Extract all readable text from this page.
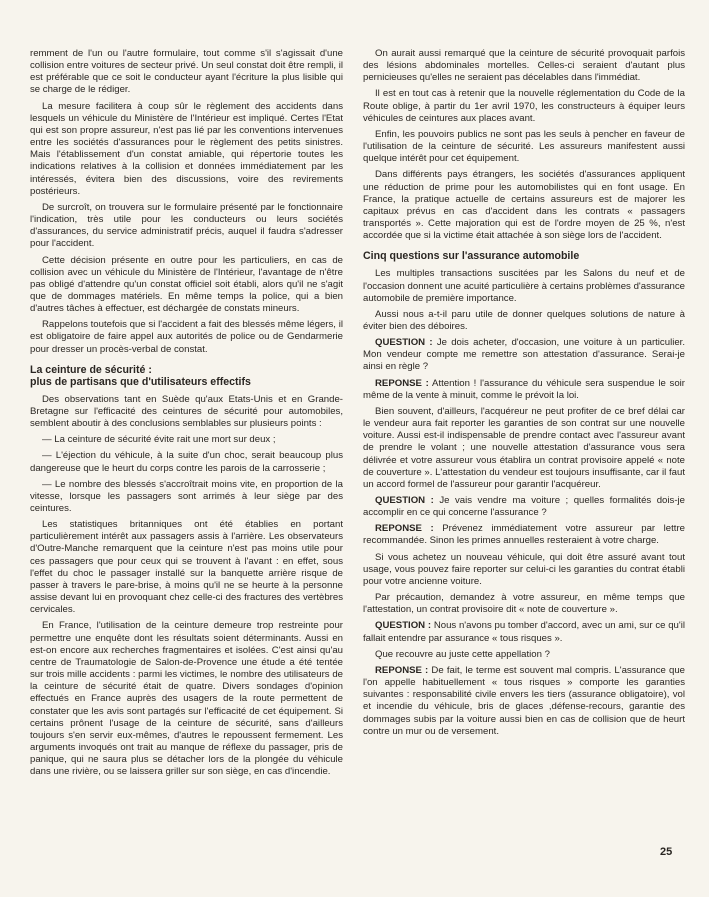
remment de l'un ou l'autre formulaire, tout comme s'il s'agissait d'une collision entre voitures de secteur privé. Un seul constat doit être rempli, il est préférable que ce soit le conducteur ayant l'écriture la plus lisible qui se charge de le rédiger.

La mesure facilitera à coup sûr le règlement des accidents dans lesquels un véhicule du Ministère de l'Intérieur est impliqué. Certes l'Etat qui est son propre assureur, n'est pas lié par les conventions intervenues entre les sociétés d'assurances pour le règlement des petits sinistres. Mais l'établissement d'un constat amiable, qui répertorie toutes les indications relatives à la collision et données immédiatement par les intéressés, évitera bien des discussions, voire des revirements postérieurs.

De surcroît, on trouvera sur le formulaire présenté par le fonctionnaire l'indication, très utile pour les conducteurs ou leurs sociétés d'assurances, du service administratif précis, auquel il faudra s'adresser pour l'accident.

Cette décision présente en outre pour les particuliers, en cas de collision avec un véhicule du Ministère de l'Intérieur, l'avantage de n'être pas obligé d'attendre qu'un constat officiel soit établi, alors qu'il ne s'agit que de dommages matériels. En même temps la police, qui a bien d'autres tâches à effectuer, est déchargée de constats mineurs.

Rappelons toutefois que si l'accident a fait des blessés même légers, il est obligatoire de faire appel aux autorités de police ou de Gendarmerie pour dresser un procès-verbal de constat.

La ceinture de sécurité :
plus de partisans que d'utilisateurs effectifs

Des observations tant en Suède qu'aux Etats-Unis et en Grande-Bretagne sur l'efficacité des ceintures de sécurité pour automobiles, semblent aboutir à des conclusions semblables sur plusieurs points :

— La ceinture de sécurité évite rait une mort sur deux ;

— L'éjection du véhicule, à la suite d'un choc, serait beaucoup plus dangereuse que le heurt du corps contre les parois de la carrosserie ;

— Le nombre des blessés s'accroîtrait moins vite, en proportion de la vitesse, lorsque les passagers sont arrimés à leur siège par des ceintures.

Les statistiques britanniques ont été établies en portant particulièrement intérêt aux passagers assis à l'arrière. Les observateurs d'Outre-Manche remarquent que la ceinture n'est pas moins utile pour ces passagers que pour ceux qui se trouvent à l'avant : en effet, sous l'effet du choc le passager installé sur la banquette arrière risque de passer à travers le pare-brise, à moins qu'il ne se heurte à la personne assise devant lui en provoquant chez celle-ci des fractures des vertèbres cervicales.

En France, l'utilisation de la ceinture demeure trop restreinte pour permettre une enquête dont les résultats soient déterminants. Aussi en est-on encore aux recherches fragmentaires et isolées. C'est ainsi qu'au centre de Traumatologie de Salon-de-Provence une étude a été tentée sur trois mille accidents : parmi les victimes, le nombre des utilisateurs de la ceinture de sécurité était de quatre. Divers sondages d'opinion effectués en France auprès des usagers de la route permettent de constater que les avis sont partagés sur l'efficacité de cet équipement. Si certains prônent l'usage de la ceinture de sécurité, sans d'ailleurs toujours s'en servir eux-mêmes, d'autres le repoussent fermement. Les arguments invoqués ont trait au manque de réflexe du passager, pris de panique, qui ne saura plus se détacher lors de la plongée du véhicule dans une rivière, ou se laissera griller sur son siège, en cas d'incendie.

On aurait aussi remarqué que la ceinture de sécurité provoquait parfois des lésions abdominales mortelles. Celles-ci seraient d'autant plus pernicieuses qu'elles ne seraient pas décelables dans l'immédiat.

Il est en tout cas à retenir que la nouvelle réglementation du Code de la Route oblige, à partir du 1er avril 1970, les constructeurs à équiper leurs véhicules de ceintures aux places avant.

Enfin, les pouvoirs publics ne sont pas les seuls à pencher en faveur de l'utilisation de la ceinture de sécurité. Les assureurs manifestent aussi quelque intérêt pour cet équipement.

Dans différents pays étrangers, les sociétés d'assurances appliquent une réduction de prime pour les automobilistes qui en font usage. En France, la pratique actuelle de certains assureurs est de majorer les capitaux prévus en cas d'accident dans les contrats « passagers transportés ». Cette majoration qui est de l'ordre moyen de 25 %, n'est accordée que si la victime était attachée à son siège lors de l'accident.

Cinq questions sur l'assurance automobile

Les multiples transactions suscitées par les Salons du neuf et de l'occasion donnent une acuité particulière à certains problèmes d'assurance automobile de première importance.

Aussi nous a-t-il paru utile de donner quelques solutions de nature à éviter bien des déboires.

QUESTION : Je dois acheter, d'occasion, une voiture à un particulier. Mon vendeur compte me remettre son attestation d'assurance. Serai-je ainsi en règle ?

REPONSE : Attention ! l'assurance du véhicule sera suspendue le soir même de la vente à minuit, comme le prévoit la loi.

Bien souvent, d'ailleurs, l'acquéreur ne peut profiter de ce bref délai car le vendeur aura fait reporter les garanties de son contrat sur une nouvelle voiture. Aussi est-il indispensable de prendre contact avec l'assureur avant de prendre le volant ; une nouvelle attestation d'assurance vous sera délivrée et votre assureur vous établira un contrat provisoire appelé « note de couverture ». L'attestation du vendeur est toujours insuffisante, car il faut un accord formel de l'assureur pour garantir l'acquéreur.

QUESTION : Je vais vendre ma voiture ; quelles formalités dois-je accomplir en ce qui concerne l'assurance ?

REPONSE : Prévenez immédiatement votre assureur par lettre recommandée. Sinon les primes annuelles resteraient à votre charge.

Si vous achetez un nouveau véhicule, qui doit être assuré avant tout usage, vous pouvez faire reporter sur celui-ci les garanties du contrat établi pour votre ancienne voiture.

Par précaution, demandez à votre assureur, en même temps que l'attestation, un contrat provisoire dit « note de couverture ».

QUESTION : Nous n'avons pu tomber d'accord, avec un ami, sur ce qu'il fallait entendre par assurance « tous risques ».

Que recouvre au juste cette appellation ?

REPONSE : De fait, le terme est souvent mal compris. L'assurance que l'on appelle habituellement « tous risques » comporte les garanties suivantes : responsabilité civile envers les tiers (assurance obligatoire), vol et incendie du véhicule, bris de glaces ,défense-recours, garantie des dommages subis par la voiture aussi bien en cas de collision que de heurt contre un mur ou de versement.

25
